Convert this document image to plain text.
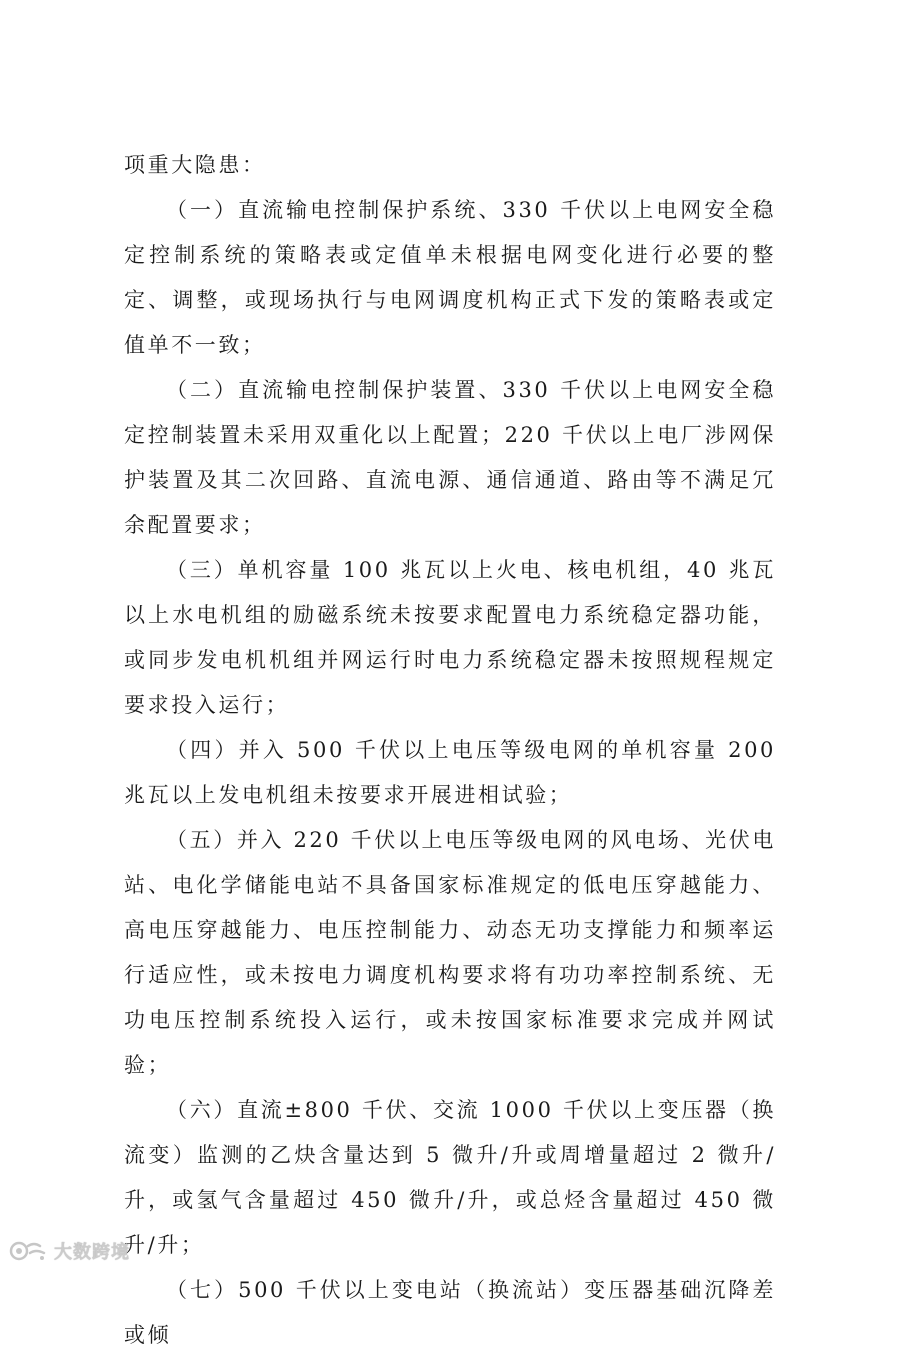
项重大隐患：

（一）直流输电控制保护系统、330 千伏以上电网安全稳定控制系统的策略表或定值单未根据电网变化进行必要的整定、调整，或现场执行与电网调度机构正式下发的策略表或定值单不一致；

（二）直流输电控制保护装置、330 千伏以上电网安全稳定控制装置未采用双重化以上配置；220 千伏以上电厂涉网保护装置及其二次回路、直流电源、通信通道、路由等不满足冗余配置要求；

（三）单机容量 100 兆瓦以上火电、核电机组，40 兆瓦以上水电机组的励磁系统未按要求配置电力系统稳定器功能，或同步发电机机组并网运行时电力系统稳定器未按照规程规定要求投入运行；

（四）并入 500 千伏以上电压等级电网的单机容量 200 兆瓦以上发电机组未按要求开展进相试验；

（五）并入 220 千伏以上电压等级电网的风电场、光伏电站、电化学储能电站不具备国家标准规定的低电压穿越能力、高电压穿越能力、电压控制能力、动态无功支撑能力和频率运行适应性，或未按电力调度机构要求将有功功率控制系统、无功电压控制系统投入运行，或未按国家标准要求完成并网试验；

（六）直流±800 千伏、交流 1000 千伏以上变压器（换流变）监测的乙炔含量达到 5 微升/升或周增量超过 2 微升/升，或氢气含量超过 450 微升/升，或总烃含量超过 450 微升/升；

（七）500 千伏以上变电站（换流站）变压器基础沉降差或倾

大数跨境
